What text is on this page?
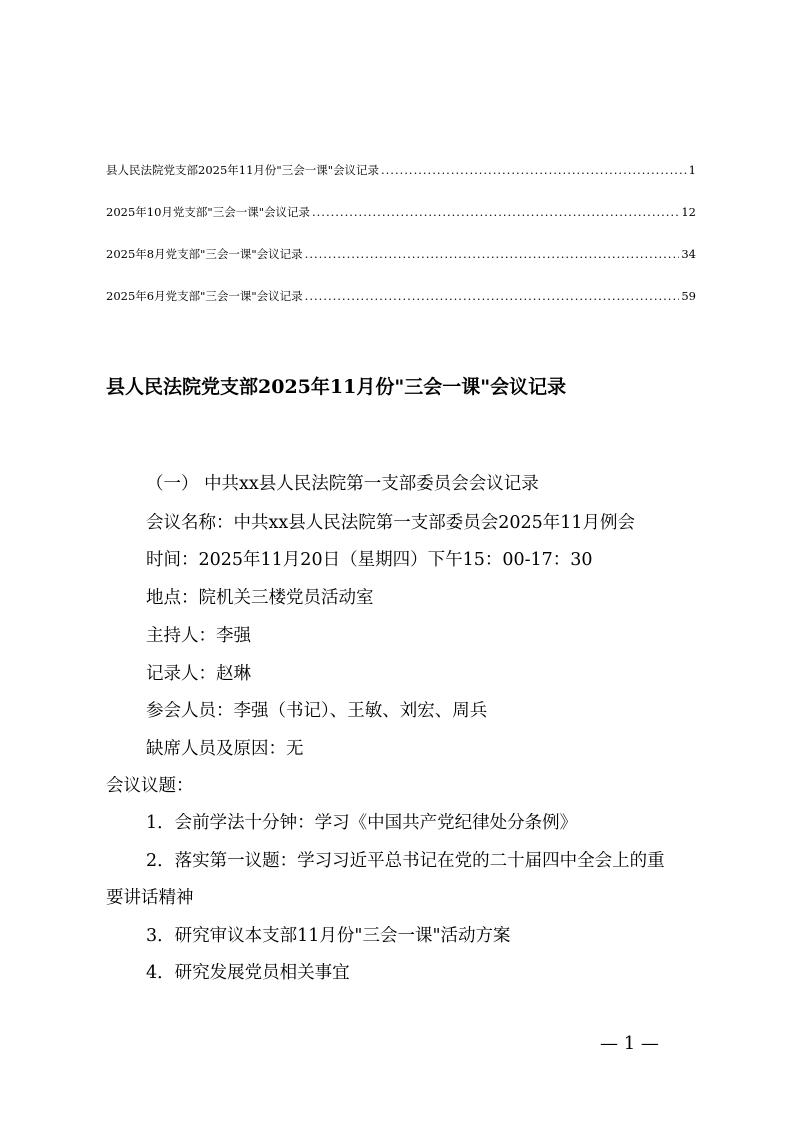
县人民法院党支部2025年11月份"三会一课"会议记录 .....	1
2025年10月党支部"三会一课"会议记录 .....	12
2025年8月党支部"三会一课"会议记录 .....	34
2025年6月党支部"三会一课"会议记录 .....	59
县人民法院党支部2025年11月份"三会一课"会议记录
（一） 中共xx县人民法院第一支部委员会会议记录
会议名称：中共xx县人民法院第一支部委员会2025年11月例会
时间：2025年11月20日（星期四）下午15：00-17：30
地点：院机关三楼党员活动室
主持人：李强
记录人：赵琳
参会人员：李强（书记）、王敏、刘宏、周兵
缺席人员及原因：无
会议议题：
1．会前学法十分钟：学习《中国共产党纪律处分条例》
2．落实第一议题：学习习近平总书记在党的二十届四中全会上的重
要讲话精神
3．研究审议本支部11月份"三会一课"活动方案
4．研究发展党员相关事宜
— 1 —
